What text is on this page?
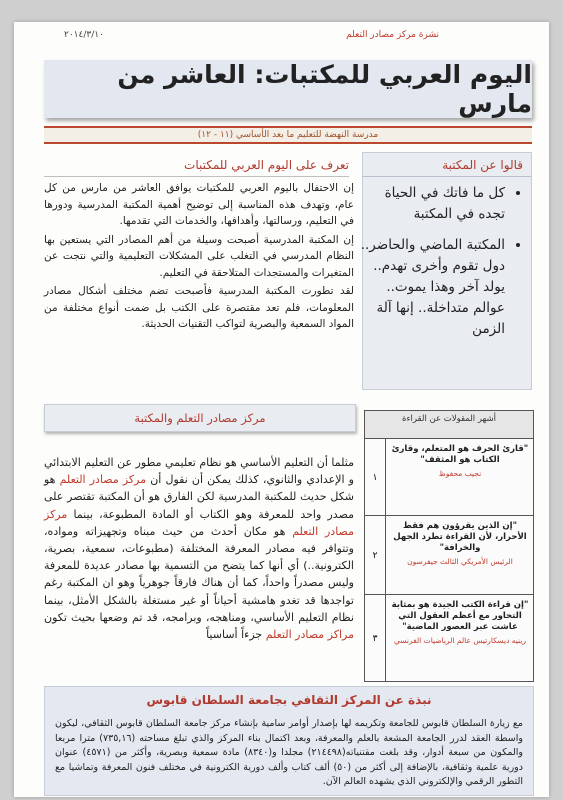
نشرة مركز مصادر التعلم
٢٠١٤/٣/١٠
اليوم العربي للمكتبات: العاشر من مارس
مدرسة النهضة للتعليم ما بعد الأساسي (١١ - ١٢)
قالوا عن المكتبة
• كل ما فاتك في الحياة تجده في المكتبة
• المكتبة الماضي والحاضر.. دول تقوم وأخرى تهدم.. يولد آخر وهذا يموت.. عوالم متداخلة.. إنها آلة الزمن
تعرف على اليوم العربي للمكتبات

إن الاحتفال باليوم العربي للمكتبات يوافق العاشر من مارس من كل عام، وتهدف هذه المناسبة إلى توضيح أهمية المكتبة المدرسية ودورها في التعليم، ورسالتها، وأهدافها، والخدمات التي تقدمها.

إن المكتبة المدرسية أصبحت وسيلة من أهم المصادر التي يستعين بها النظام المدرسي في التغلب على المشكلات التعليمية والتي نتجت عن المتغيرات والمستجدات المتلاحقة في التعليم.

لقد تطورت المكتبة المدرسية فأصبحت تضم مختلف أشكال مصادر المعلومات، فلم تعد مقتصرة على الكتب بل ضمت أنواع مختلفة من المواد السمعية والبصرية لتواكب التقنيات الحديثة.

مركز مصادر التعلم والمكتبة
مثلما أن التعليم الأساسي هو نظام تعليمي مطور عن التعليم الابتدائي و الإعدادي والثانوي، كذلك يمكن أن نقول أن مركز مصادر التعلم هو شكل حديث للمكتبة المدرسية لكن الفارق هو أن المكتبة تقتصر على مصدر واحد للمعرفة وهو الكتاب أو المادة المطبوعة، بينما مركز مصادر التعلم هو مكان أحدث من حيث مبناه وتجهيزاته ومواده، وتتوافر فيه مصادر المعرفة المختلفة (مطبوعات، سمعية، بصرية، الكترونية..) أي أنها كما يتضح من التسمية بها مصادر عديدة للمعرفة وليس مصدراً واحداً، كما أن هناك فارقاً جوهرياً وهو ان المكتبة رغم تواجدها قد تغدو هامشية أحياناً أو غير مستغلة بالشكل الأمثل، بينما نظام التعليم الأساسي، ومناهجه، وبرامجه، قد تم وضعها بحيث تكون مراكز مصادر التعلم جزءاً أساسياً
أشهر المقولات عن القراءة
"قارئ الحرف هو المتعلم، وقارئ الكتاب هو المثقف"
نجيب محفوظ
١
"إن الذين يقرؤون هم فقط الأحرار، لأن القراءة تطرد الجهل والخرافة"
الرئيس الأمريكي الثالث جيفرسون
٢
"إن قراءة الكتب الجيدة هو بمثابة التحاور مع أعظم العقول التي عاشت عبر العصور الماضية"
رينيه ديسكارتيس عالم الرياضيات الفرنسي
٣
نبذة عن المركز الثقافي بجامعة السلطان قابوس
مع زيارة السلطان قابوس للجامعة وتكريمه لها بإصدار أوامر سامية بإنشاء مركز جامعة السلطان قابوس الثقافي، ليكون واسطة العقد لدرر الجامعة المشعة بالعلم والمعرفة، وبعد اكتمال بناء المركز والذي تبلغ مساحته (٧٣٥,١٦) مترا مربعا والمكون من سبعة أدوار، وقد بلغت مقتنياته(٢١٤٤٩٨) مجلدا و(٨٣٤٠) مادة سمعية وبصرية، وأكثر من (٤٥٧١) عنوان دورية علمية وثقافية، بالإضافة إلى أكثر من (٥٠) ألف كتاب وألف دورية الكترونية في مختلف فنون المعرفة وتماشيا مع التطور الرقمي والإلكتروني الذي يشهده العالم الآن.
